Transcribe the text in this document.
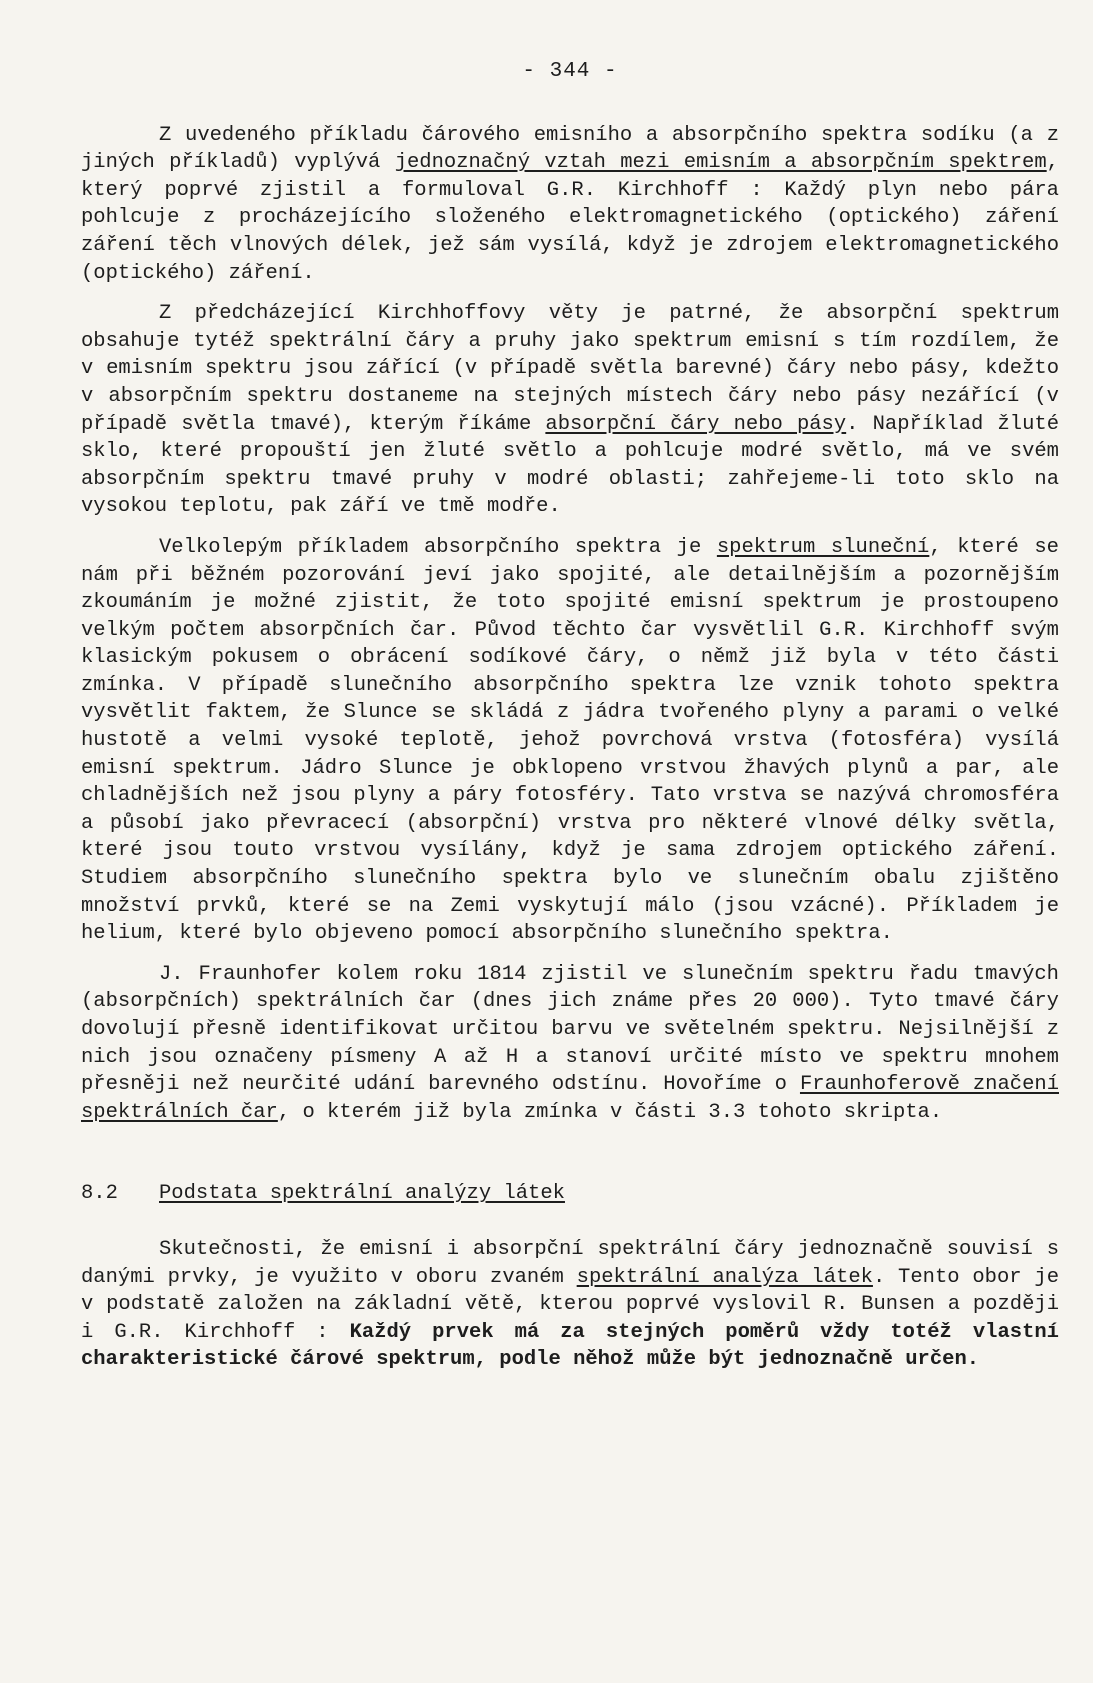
- 344 -

Z uvedeného příkladu čárového emisního a absorpčního spektra sodíku (a z jiných příkladů) vyplývá jednoznačný vztah mezi emisním a absorpčním spektrem, který poprvé zjistil a formuloval G.R. Kirchhoff : Každý plyn nebo pára pohlcuje z procházejícího složeného elektromagnetického (optického) záření záření těch vlnových délek, jež sám vysílá, když je zdrojem elektromagnetického (optického) záření.

Z předcházející Kirchhoffovy věty je patrné, že absorpční spektrum obsahuje tytéž spektrální čáry a pruhy jako spektrum emisní s tím rozdílem, že v emisním spektru jsou zářící (v případě světla barevné) čáry nebo pásy, kdežto v absorpčním spektru dostaneme na stejných místech čáry nebo pásy nezářící (v případě světla tmavé), kterým říkáme absorpční čáry nebo pásy. Například žluté sklo, které propouští jen žluté světlo a pohlcuje modré světlo, má ve svém absorpčním spektru tmavé pruhy v modré oblasti; zahřejeme-li toto sklo na vysokou teplotu, pak září ve tmě modře.

Velkolepým příkladem absorpčního spektra je spektrum sluneční, které se nám při běžném pozorování jeví jako spojité, ale detailnějším a pozornějším zkoumáním je možné zjistit, že toto spojité emisní spektrum je prostoupeno velkým počtem absorpčních čar. Původ těchto čar vysvětlil G.R. Kirchhoff svým klasickým pokusem o obrácení sodíkové čáry, o němž již byla v této části zmínka. V případě slunečního absorpčního spektra lze vznik tohoto spektra vysvětlit faktem, že Slunce se skládá z jádra tvořeného plyny a parami o velké hustotě a velmi vysoké teplotě, jehož povrchová vrstva (fotosféra) vysílá emisní spektrum. Jádro Slunce je obklopeno vrstvou žhavých plynů a par, ale chladnějších než jsou plyny a páry fotosféry. Tato vrstva se nazývá chromosféra a působí jako převracecí (absorpční) vrstva pro některé vlnové délky světla, které jsou touto vrstvou vysílány, když je sama zdrojem optického záření. Studiem absorpčního slunečního spektra bylo ve slunečním obalu zjištěno množství prvků, které se na Zemi vyskytují málo (jsou vzácné). Příkladem je helium, které bylo objeveno pomocí absorpčního slunečního spektra.

J. Fraunhofer kolem roku 1814 zjistil ve slunečním spektru řadu tmavých (absorpčních) spektrálních čar (dnes jich známe přes 20 000). Tyto tmavé čáry dovolují přesně identifikovat určitou barvu ve světelném spektru. Nejsilnější z nich jsou označeny písmeny A až H a stanoví určité místo ve spektru mnohem přesněji než neurčité udání barevného odstínu. Hovoříme o Fraunhoferově značení spektrálních čar, o kterém již byla zmínka v části 3.3 tohoto skripta.

8.2	Podstata spektrální analýzy látek

Skutečnosti, že emisní i absorpční spektrální čáry jednoznačně souvisí s danými prvky, je využito v oboru zvaném spektrální analýza látek. Tento obor je v podstatě založen na základní větě, kterou poprvé vyslovil R. Bunsen a později i G.R. Kirchhoff : Každý prvek má za stejných poměrů vždy totéž vlastní charakteristické čárové spektrum, podle něhož může být jednoznačně určen.
